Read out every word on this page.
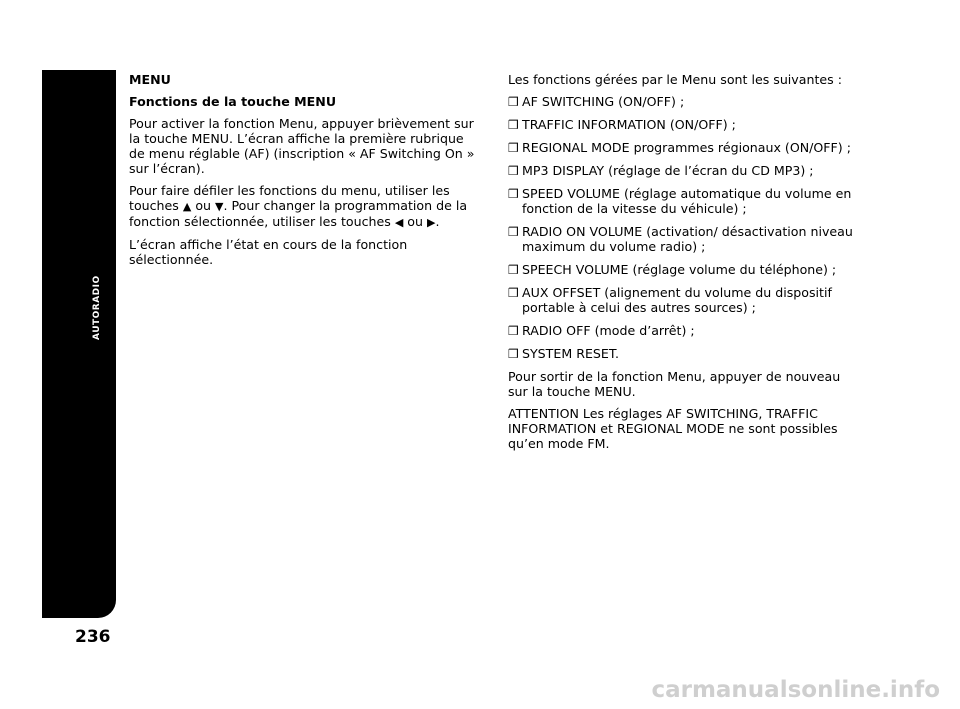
AUTORADIO
236

MENU

Fonctions de la touche MENU

Pour activer la fonction Menu, appuyer brièvement sur la touche MENU. L’écran affiche la première rubrique de menu réglable (AF) (inscription « AF Switching On » sur l’écran).

Pour faire défiler les fonctions du menu, utiliser les touches ▲ ou ▼. Pour changer la programmation de la fonction sélectionnée, utiliser les touches ◀ ou ▶.

L’écran affiche l’état en cours de la fonction sélectionnée.

Les fonctions gérées par le Menu sont les suivantes :

❒ AF SWITCHING (ON/OFF) ;
❒ TRAFFIC INFORMATION (ON/OFF) ;
❒ REGIONAL MODE programmes régionaux (ON/OFF) ;
❒ MP3 DISPLAY (réglage de l’écran du CD MP3) ;
❒ SPEED VOLUME (réglage automatique du volume en fonction de la vitesse du véhicule) ;
❒ RADIO ON VOLUME (activation/ désactivation niveau maximum du volume radio) ;
❒ SPEECH VOLUME (réglage volume du téléphone) ;
❒ AUX OFFSET (alignement du volume du dispositif portable à celui des autres sources) ;
❒ RADIO OFF (mode d’arrêt) ;
❒ SYSTEM RESET.

Pour sortir de la fonction Menu, appuyer de nouveau sur la touche MENU.

ATTENTION Les réglages AF SWITCHING, TRAFFIC INFORMATION et REGIONAL MODE ne sont possibles qu’en mode FM.

carmanualsonline.info
